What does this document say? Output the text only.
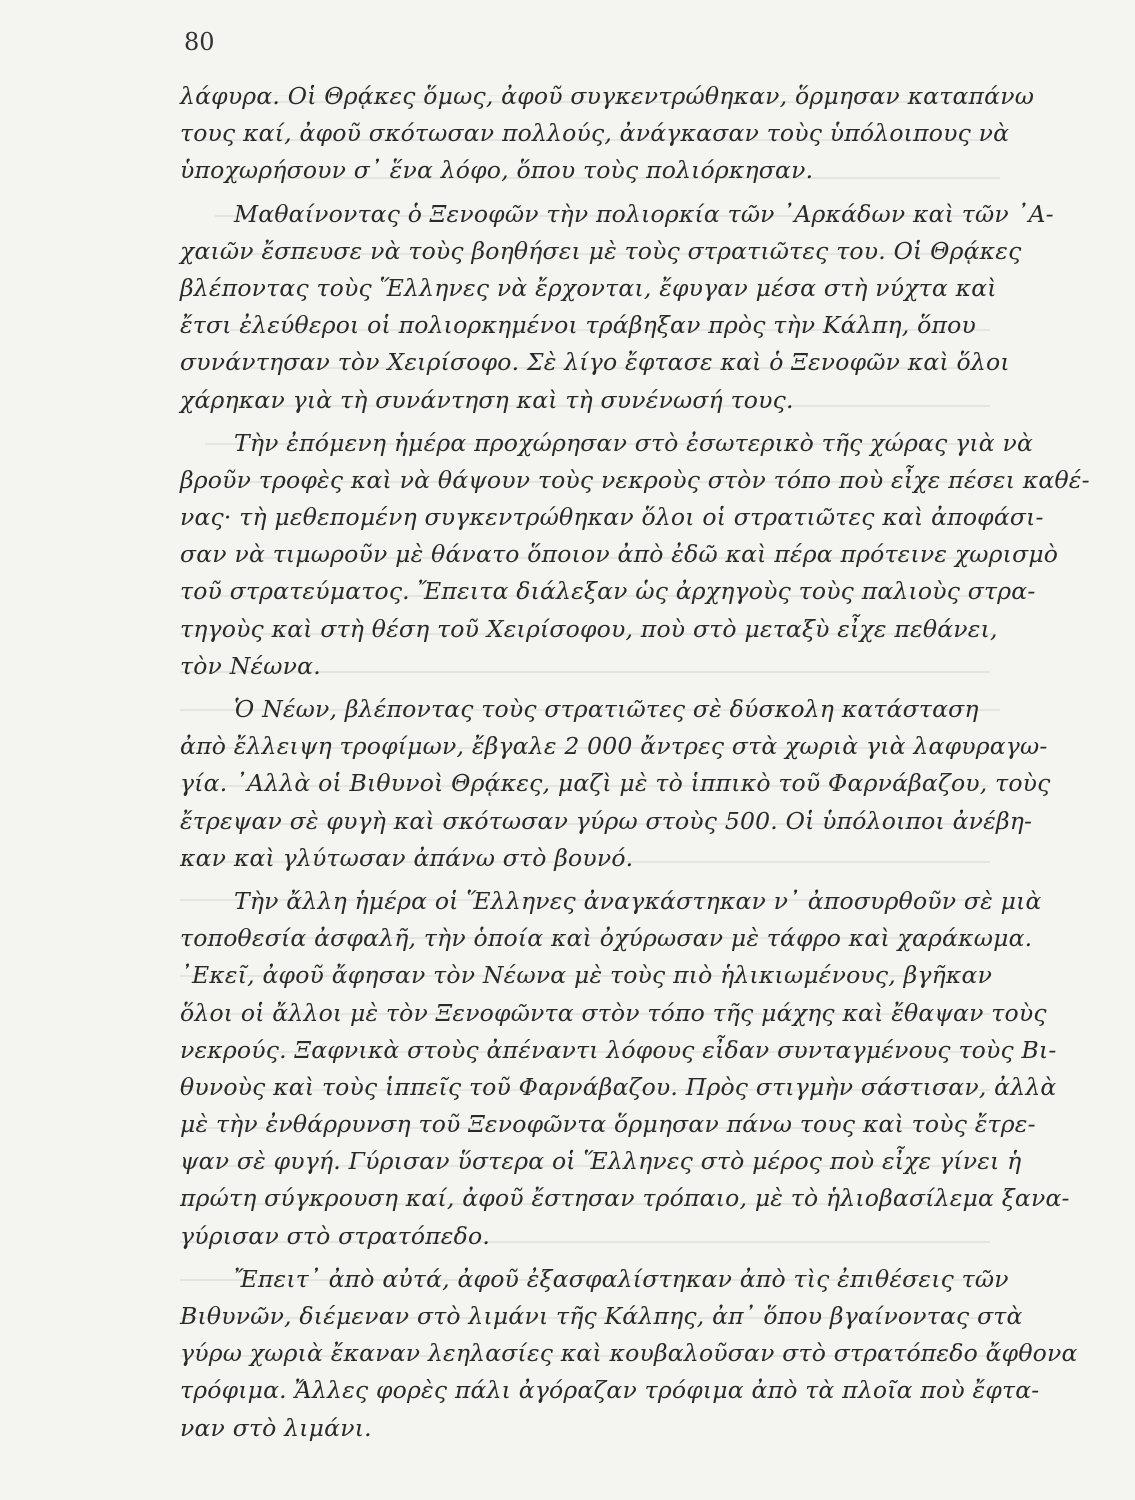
80
λάφυρα. Οἱ Θρᾴκες ὅμως, ἀφοῦ συγκεντρώθηκαν, ὅρμησαν καταπάνω
τους καί, ἀφοῦ σκότωσαν πολλούς, ἀνάγκασαν τοὺς ὑπόλοιπους νὰ
ὑποχωρήσουν σ᾿ ἕνα λόφο, ὅπου τοὺς πολιόρκησαν.
Μαθαίνοντας ὁ Ξενοφῶν τὴν πολιορκία τῶν ᾿Αρκάδων καὶ τῶν ᾿Α-
χαιῶν ἔσπευσε νὰ τοὺς βοηθήσει μὲ τοὺς στρατιῶτες του. Οἱ Θρᾴκες
βλέποντας τοὺς Ἕλληνες νὰ ἔρχονται, ἔφυγαν μέσα στὴ νύχτα καὶ
ἔτσι ἐλεύθεροι οἱ πολιορκημένοι τράβηξαν πρὸς τὴν Κάλπη, ὅπου
συνάντησαν τὸν Χειρίσοφο. Σὲ λίγο ἔφτασε καὶ ὁ Ξενοφῶν καὶ ὅλοι
χάρηκαν γιὰ τὴ συνάντηση καὶ τὴ συνένωσή τους.
Τὴν ἐπόμενη ἡμέρα προχώρησαν στὸ ἐσωτερικὸ τῆς χώρας γιὰ νὰ
βροῦν τροφὲς καὶ νὰ θάψουν τοὺς νεκροὺς στὸν τόπο ποὺ εἶχε πέσει καθέ-
νας· τὴ μεθεπομένη συγκεντρώθηκαν ὅλοι οἱ στρατιῶτες καὶ ἀποφάσι-
σαν νὰ τιμωροῦν μὲ θάνατο ὅποιον ἀπὸ ἐδῶ καὶ πέρα πρότεινε χωρισμὸ
τοῦ στρατεύματος. Ἔπειτα διάλεξαν ὡς ἀρχηγοὺς τοὺς παλιοὺς στρα-
τηγοὺς καὶ στὴ θέση τοῦ Χειρίσοφου, ποὺ στὸ μεταξὺ εἶχε πεθάνει,
τὸν Νέωνα.
Ὁ Νέων, βλέποντας τοὺς στρατιῶτες σὲ δύσκολη κατάσταση
ἀπὸ ἔλλειψη τροφίμων, ἔβγαλε 2 000 ἄντρες στὰ χωριὰ γιὰ λαφυραγω-
γία. ᾿Αλλὰ οἱ Βιθυνοὶ Θρᾴκες, μαζὶ μὲ τὸ ἱππικὸ τοῦ Φαρνάβαζου, τοὺς
ἔτρεψαν σὲ φυγὴ καὶ σκότωσαν γύρω στοὺς 500. Οἱ ὑπόλοιποι ἀνέβη-
καν καὶ γλύτωσαν ἀπάνω στὸ βουνό.
Τὴν ἄλλη ἡμέρα οἱ Ἕλληνες ἀναγκάστηκαν ν᾿ ἀποσυρθοῦν σὲ μιὰ
τοποθεσία ἀσφαλῆ, τὴν ὁποία καὶ ὀχύρωσαν μὲ τάφρο καὶ χαράκωμα.
᾿Εκεῖ, ἀφοῦ ἄφησαν τὸν Νέωνα μὲ τοὺς πιὸ ἡλικιωμένους, βγῆκαν
ὅλοι οἱ ἄλλοι μὲ τὸν Ξενοφῶντα στὸν τόπο τῆς μάχης καὶ ἔθαψαν τοὺς
νεκρούς. Ξαφνικὰ στοὺς ἀπέναντι λόφους εἶδαν συνταγμένους τοὺς Βι-
θυνοὺς καὶ τοὺς ἱππεῖς τοῦ Φαρνάβαζου. Πρὸς στιγμὴν σάστισαν, ἀλλὰ
μὲ τὴν ἐνθάρρυνση τοῦ Ξενοφῶντα ὅρμησαν πάνω τους καὶ τοὺς ἔτρε-
ψαν σὲ φυγή. Γύρισαν ὕστερα οἱ Ἕλληνες στὸ μέρος ποὺ εἶχε γίνει ἡ
πρώτη σύγκρουση καί, ἀφοῦ ἔστησαν τρόπαιο, μὲ τὸ ἡλιοβασίλεμα ξανα-
γύρισαν στὸ στρατόπεδο.
Ἔπειτ᾿ ἀπὸ αὐτά, ἀφοῦ ἐξασφαλίστηκαν ἀπὸ τὶς ἐπιθέσεις τῶν
Βιθυνῶν, διέμεναν στὸ λιμάνι τῆς Κάλπης, ἀπ᾿ ὅπου βγαίνοντας στὰ
γύρω χωριὰ ἔκαναν λεηλασίες καὶ κουβαλοῦσαν στὸ στρατόπεδο ἄφθονα
τρόφιμα. Ἄλλες φορὲς πάλι ἀγόραζαν τρόφιμα ἀπὸ τὰ πλοῖα ποὺ ἔφτα-
ναν στὸ λιμάνι.
